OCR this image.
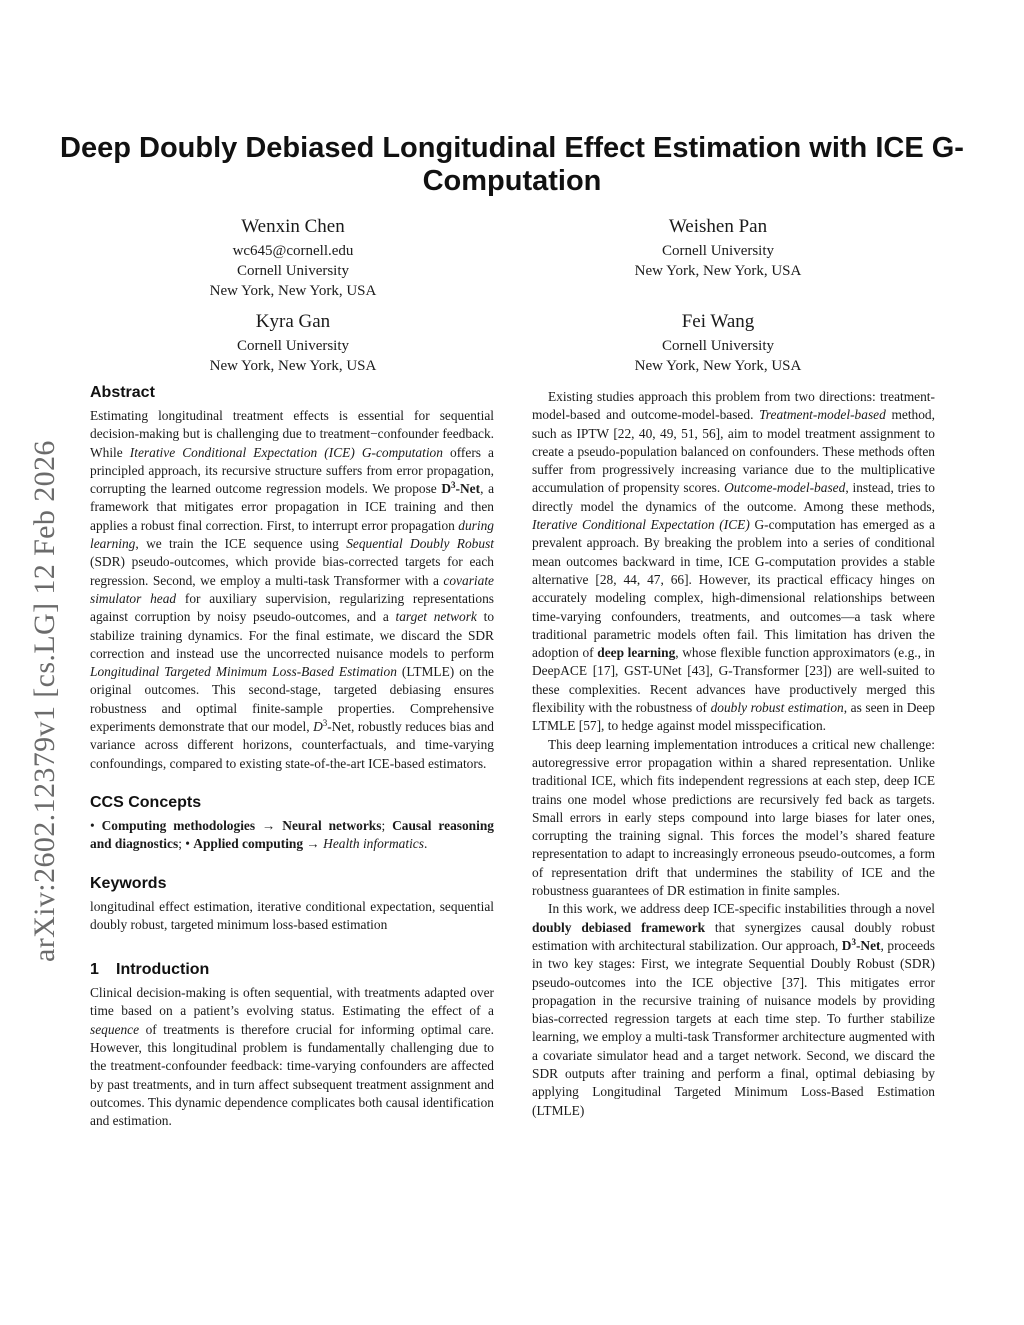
arXiv:2602.12379v1 [cs.LG] 12 Feb 2026
Deep Doubly Debiased Longitudinal Effect Estimation with ICE G-Computation
Wenxin Chen
wc645@cornell.edu
Cornell University
New York, New York, USA
Weishen Pan
Cornell University
New York, New York, USA
Kyra Gan
Cornell University
New York, New York, USA
Fei Wang
Cornell University
New York, New York, USA
Abstract

Estimating longitudinal treatment effects is essential for sequential decision-making but is challenging due to treatment−confounder feedback. While Iterative Conditional Expectation (ICE) G-computation offers a principled approach, its recursive structure suffers from error propagation, corrupting the learned outcome regression models. We propose $D^3$-Net, a framework that mitigates error propagation in ICE training and then applies a robust final correction. First, to interrupt error propagation during learning, we train the ICE sequence using Sequential Doubly Robust (SDR) pseudo-outcomes, which provide bias-corrected targets for each regression. Second, we employ a multi-task Transformer with a covariate simulator head for auxiliary supervision, regularizing representations against corruption by noisy pseudo-outcomes, and a target network to stabilize training dynamics. For the final estimate, we discard the SDR correction and instead use the uncorrected nuisance models to perform Longitudinal Targeted Minimum Loss-Based Estimation (LTMLE) on the original outcomes. This second-stage, targeted debiasing ensures robustness and optimal finite-sample properties. Comprehensive experiments demonstrate that our model, $D^3$-Net, robustly reduces bias and variance across different horizons, counterfactuals, and time-varying confoundings, compared to existing state-of-the-art ICE-based estimators.

CCS Concepts

• Computing methodologies → Neural networks; Causal reasoning and diagnostics; • Applied computing → Health informatics.

Keywords

longitudinal effect estimation, iterative conditional expectation, sequential doubly robust, targeted minimum loss-based estimation

1 Introduction

Clinical decision-making is often sequential, with treatments adapted over time based on a patient’s evolving status. Estimating the effect of a sequence of treatments is therefore crucial for informing optimal care. However, this longitudinal problem is fundamentally challenging due to the treatment-confounder feedback: time-varying confounders are affected by past treatments, and in turn affect subsequent treatment assignment and outcomes. This dynamic dependence complicates both causal identification and estimation.

Existing studies approach this problem from two directions: treatment-model-based and outcome-model-based. Treatment-model-based method, such as IPTW [22, 40, 49, 51, 56], aim to model treatment assignment to create a pseudo-population balanced on confounders. These methods often suffer from progressively increasing variance due to the multiplicative accumulation of propensity scores. Outcome-model-based, instead, tries to directly model the dynamics of the outcome. Among these methods, Iterative Conditional Expectation (ICE) G-computation has emerged as a prevalent approach. By breaking the problem into a series of conditional mean outcomes backward in time, ICE G-computation provides a stable alternative [28, 44, 47, 66]. However, its practical efficacy hinges on accurately modeling complex, high-dimensional relationships between time-varying confounders, treatments, and outcomes—a task where traditional parametric models often fail. This limitation has driven the adoption of deep learning, whose flexible function approximators (e.g., in DeepACE [17], GST-UNet [43], G-Transformer [23]) are well-suited to these complexities. Recent advances have productively merged this flexibility with the robustness of doubly robust estimation, as seen in Deep LTMLE [57], to hedge against model misspecification.

This deep learning implementation introduces a critical new challenge: autoregressive error propagation within a shared representation. Unlike traditional ICE, which fits independent regressions at each step, deep ICE trains one model whose predictions are recursively fed back as targets. Small errors in early steps compound into large biases for later ones, corrupting the training signal. This forces the model’s shared feature representation to adapt to increasingly erroneous pseudo-outcomes, a form of representation drift that undermines the stability of ICE and the robustness guarantees of DR estimation in finite samples.

In this work, we address deep ICE-specific instabilities through a novel doubly debiased framework that synergizes causal doubly robust estimation with architectural stabilization. Our approach, $D^3$-Net, proceeds in two key stages: First, we integrate Sequential Doubly Robust (SDR) pseudo-outcomes into the ICE objective [37]. This mitigates error propagation in the recursive training of nuisance models by providing bias-corrected regression targets at each time step. To further stabilize learning, we employ a multi-task Transformer architecture augmented with a covariate simulator head and a target network. Second, we discard the SDR outputs after training and perform a final, optimal debiasing by applying Longitudinal Targeted Minimum Loss-Based Estimation (LTMLE)
